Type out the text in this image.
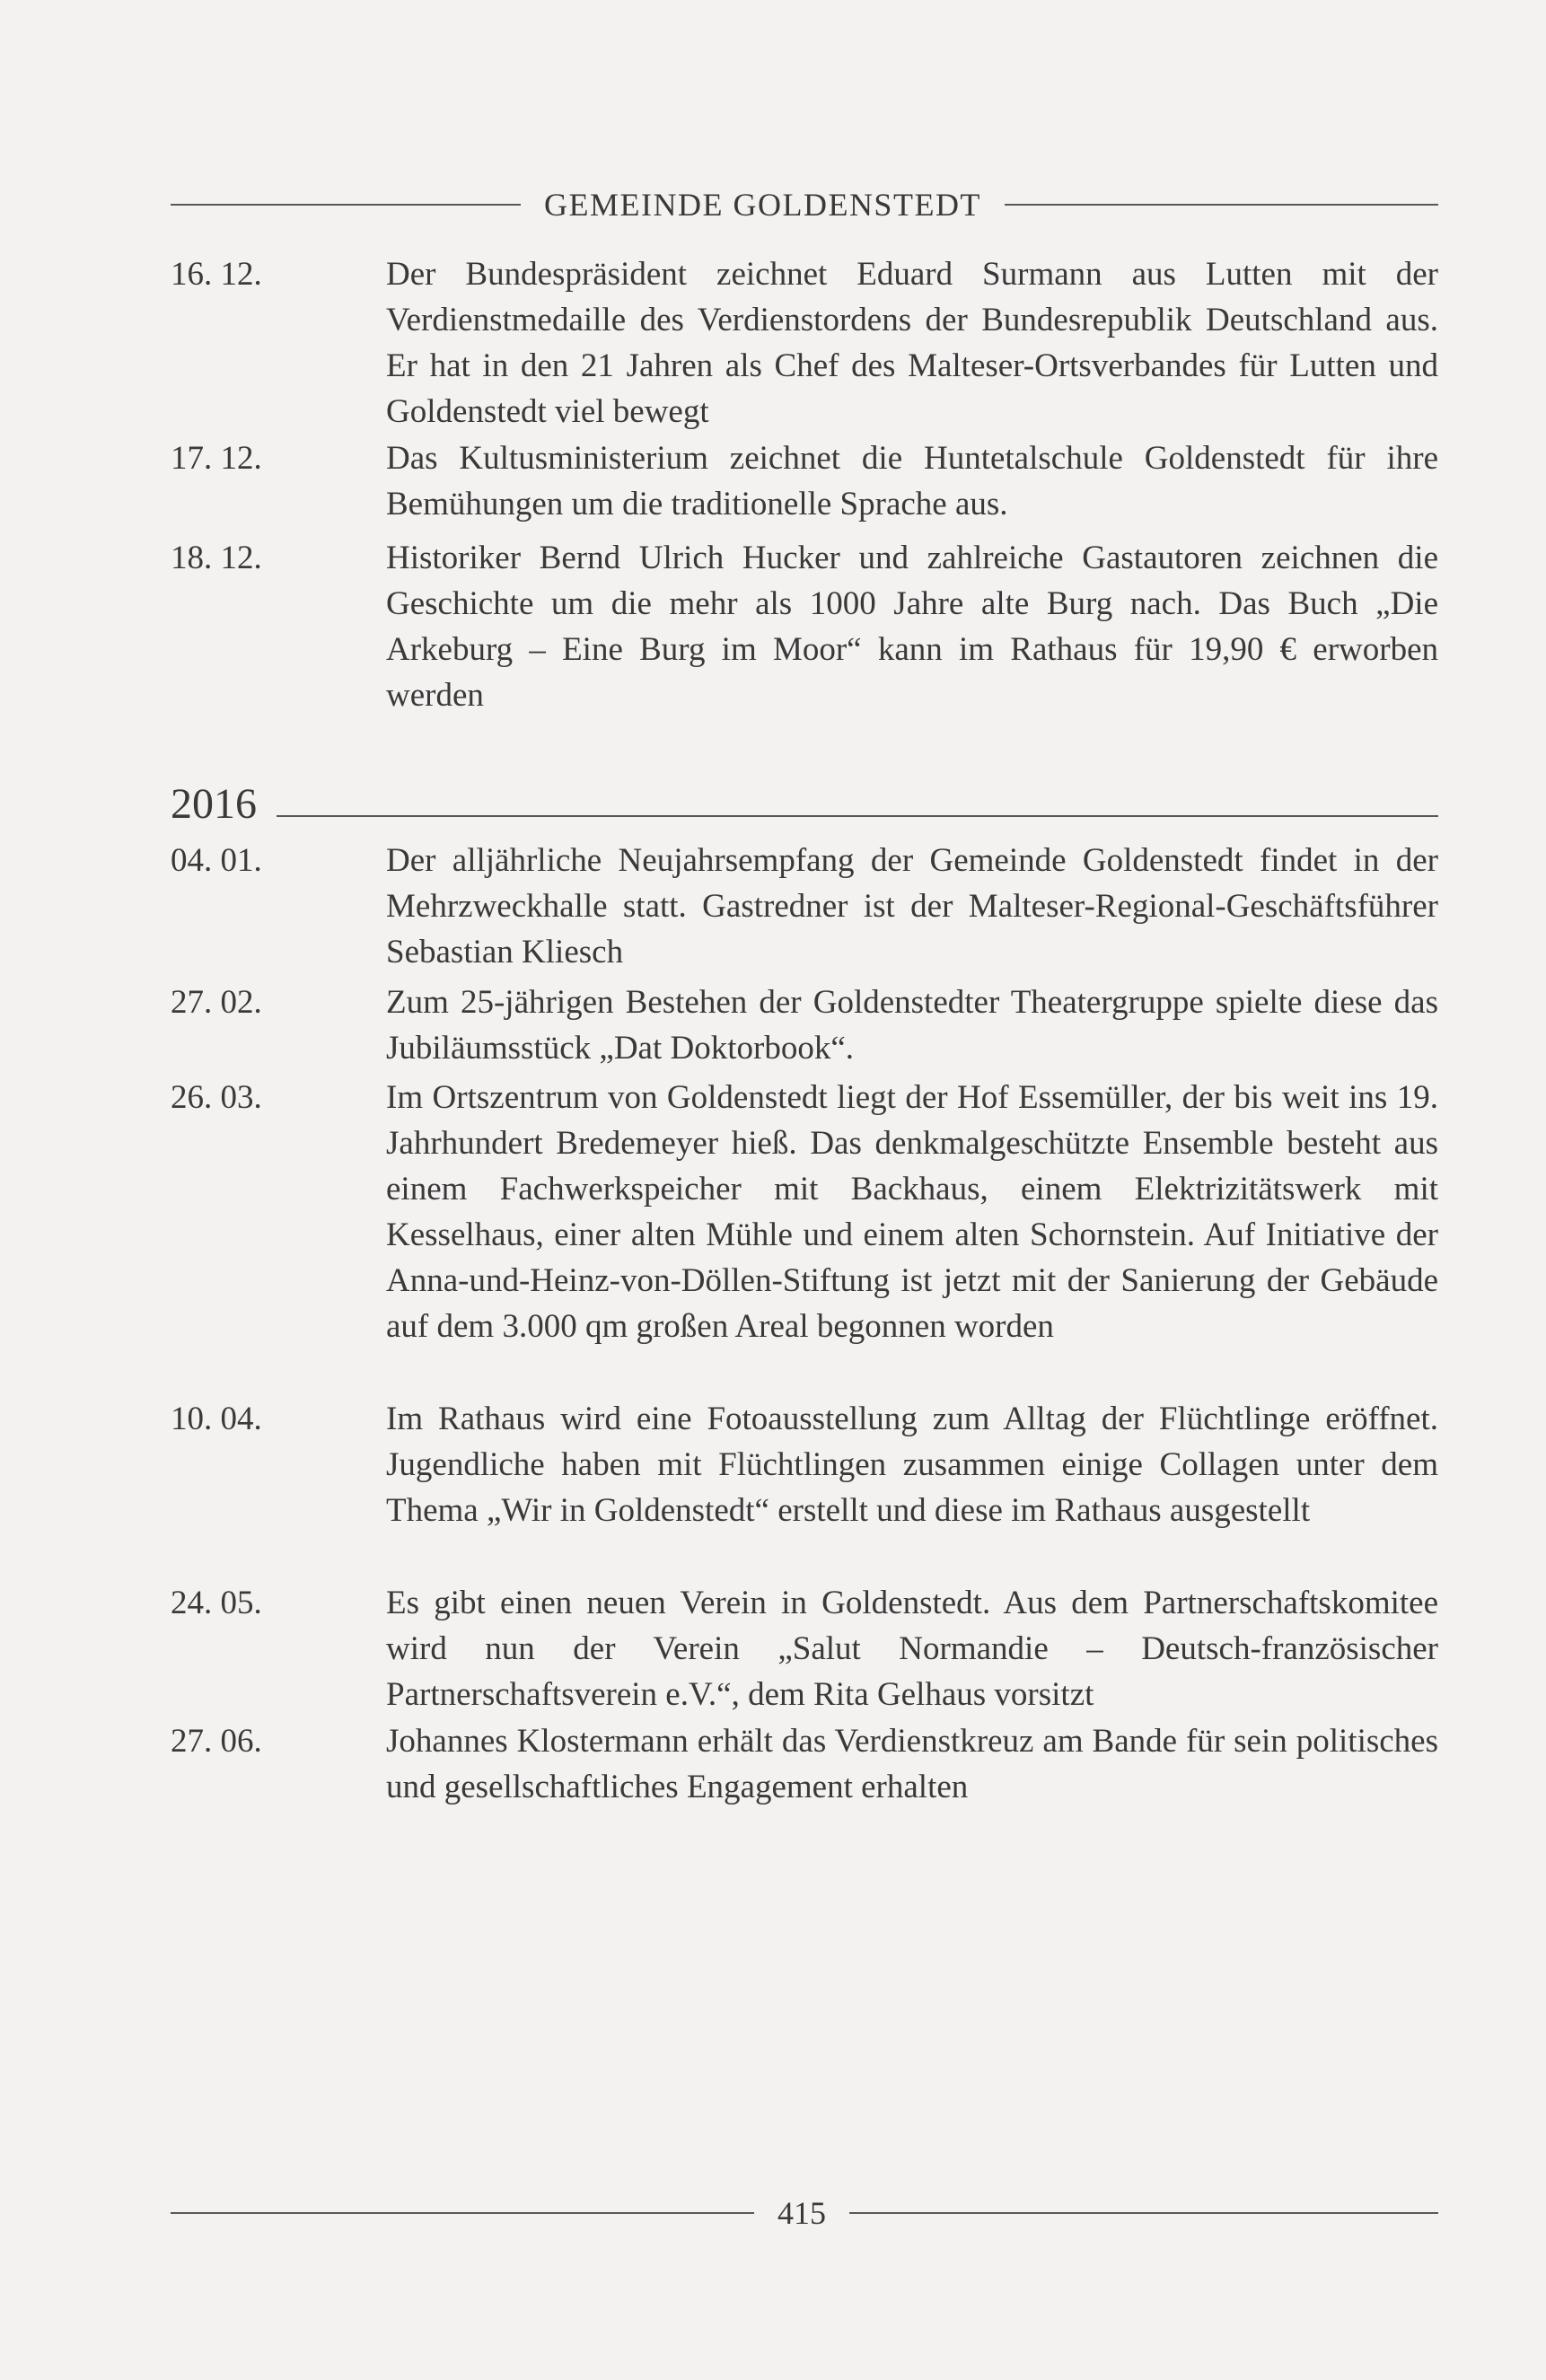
GEMEINDE GOLDENSTEDT
16. 12.	Der Bundespräsident zeichnet Eduard Surmann aus Lutten mit der Verdienstmedaille des Verdienstordens der Bundesrepublik Deutschland aus. Er hat in den 21 Jahren als Chef des Malteser-Ortsverbandes für Lutten und Goldenstedt viel bewegt
17. 12.	Das Kultusministerium zeichnet die Huntetalschule Goldenstedt für ihre Bemühungen um die traditionelle Sprache aus.
18. 12.	Historiker Bernd Ulrich Hucker und zahlreiche Gastautoren zeichnen die Geschichte um die mehr als 1000 Jahre alte Burg nach. Das Buch „Die Arkeburg – Eine Burg im Moor“ kann im Rathaus für 19,90 € erworben werden
2016
04. 01.	Der alljährliche Neujahrsempfang der Gemeinde Goldenstedt findet in der Mehrzweckhalle statt. Gastredner ist der Malteser-Regional-Geschäftsführer Sebastian Kliesch
27. 02.	Zum 25-jährigen Bestehen der Goldenstedter Theatergruppe spielte diese das Jubiläumsstück „Dat Doktorbook“.
26. 03.	Im Ortszentrum von Goldenstedt liegt der Hof Essemüller, der bis weit ins 19. Jahrhundert Bredemeyer hieß. Das denkmalgeschützte Ensemble besteht aus einem Fachwerkspeicher mit Backhaus, einem Elektrizitätswerk mit Kesselhaus, einer alten Mühle und einem alten Schornstein. Auf Initiative der Anna-und-Heinz-von-Döllen-Stiftung ist jetzt mit der Sanierung der Gebäude auf dem 3.000 qm großen Areal begonnen worden
10. 04.	Im Rathaus wird eine Fotoausstellung zum Alltag der Flüchtlinge eröffnet. Jugendliche haben mit Flüchtlingen zusammen einige Collagen unter dem Thema „Wir in Goldenstedt“ erstellt und diese im Rathaus ausgestellt
24. 05.	Es gibt einen neuen Verein in Goldenstedt. Aus dem Partnerschaftskomitee wird nun der Verein „Salut Normandie – Deutsch-französischer Partnerschaftsverein e.V.“, dem Rita Gelhaus vorsitzt
27. 06.	Johannes Klostermann erhält das Verdienstkreuz am Bande für sein politisches und gesellschaftliches Engagement erhalten
415
